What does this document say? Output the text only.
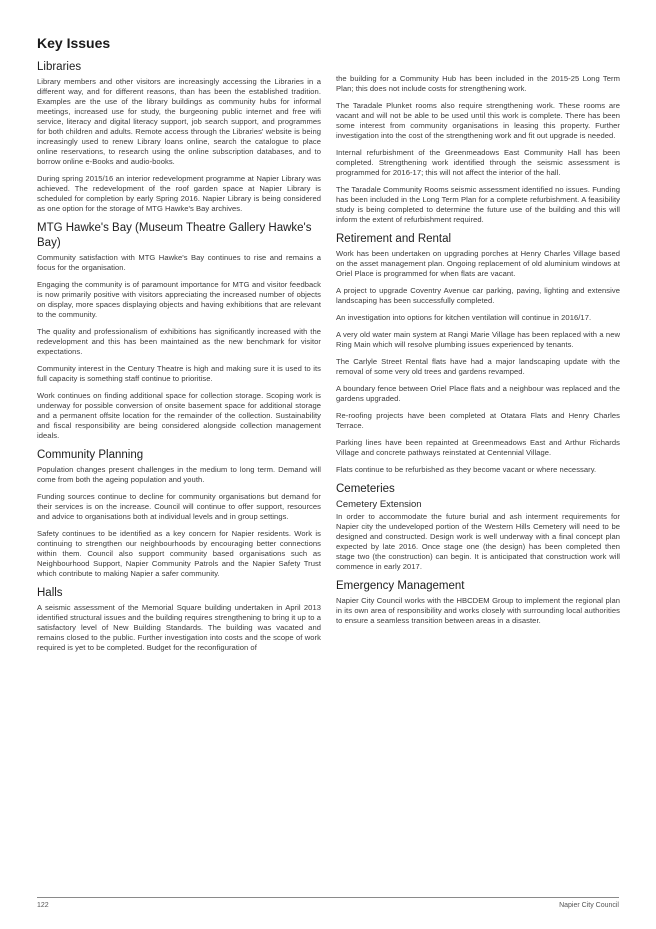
Key Issues
Libraries

Library members and other visitors are increasingly accessing the Libraries in a different way, and for different reasons, than has been the established tradition. Examples are the use of the library buildings as community hubs for informal meetings, increased use for study, the burgeoning public internet and free wifi service, literacy and digital literacy support, job search support, and programmes for both children and adults. Remote access through the Libraries' website is being increasingly used to renew Library loans online, search the catalogue to place online reservations, to research using the online subscription databases, and to borrow online e-Books and audio-books.

During spring 2015/16 an interior redevelopment programme at Napier Library was achieved. The redevelopment of the roof garden space at Napier Library is scheduled for completion by early Spring 2016. Napier Library is being considered as one option for the storage of MTG Hawke's Bay archives.

MTG Hawke's Bay (Museum Theatre Gallery Hawke's Bay)

Community satisfaction with MTG Hawke's Bay continues to rise and remains a focus for the organisation.

Engaging the community is of paramount importance for MTG and visitor feedback is now primarily positive with visitors appreciating the increased number of objects on display, more spaces displaying objects and having exhibitions that are relevant to the community.

The quality and professionalism of exhibitions has significantly increased with the redevelopment and this has been maintained as the new benchmark for visitor expectations.

Community interest in the Century Theatre is high and making sure it is used to its full capacity is something staff continue to prioritise.

Work continues on finding additional space for collection storage. Scoping work is underway for possible conversion of onsite basement space for additional storage and a permanent offsite location for the remainder of the collection. Sustainability and fiscal responsibility are being considered alongside collection management ideals.

Community Planning

Population changes present challenges in the medium to long term. Demand will come from both the ageing population and youth.

Funding sources continue to decline for community organisations but demand for their services is on the increase. Council will continue to offer support, resources and advice to organisations both at individual levels and in group settings.

Safety continues to be identified as a key concern for Napier residents. Work is continuing to strengthen our neighbourhoods by encouraging better connections within them. Council also support community based organisations such as Neighbourhood Support, Napier Community Patrols and the Napier Safety Trust which contribute to making Napier a safer community.

Halls

A seismic assessment of the Memorial Square building undertaken in April 2013 identified structural issues and the building requires strengthening to bring it up to a satisfactory level of New Building Standards. The building was vacated and remains closed to the public. Further investigation into costs and the scope of work required is yet to be completed. Budget for the reconfiguration of

the building for a Community Hub has been included in the 2015-25 Long Term Plan; this does not include costs for strengthening work.

The Taradale Plunket rooms also require strengthening work. These rooms are vacant and will not be able to be used until this work is complete. There has been some interest from community organisations in leasing this property. Further investigation into the cost of the strengthening work and fit out upgrade is needed.

Internal refurbishment of the Greenmeadows East Community Hall has been completed. Strengthening work identified through the seismic assessment is programmed for 2016-17; this will not affect the interior of the hall.

The Taradale Community Rooms seismic assessment identified no issues. Funding has been included in the Long Term Plan for a complete refurbishment. A feasibility study is being completed to determine the future use of the building and this will inform the extent of refurbishment required.

Retirement and Rental

Work has been undertaken on upgrading porches at Henry Charles Village based on the asset management plan. Ongoing replacement of old aluminium windows at Oriel Place is programmed for when flats are vacant.

A project to upgrade Coventry Avenue car parking, paving, lighting and extensive landscaping has been successfully completed.

An investigation into options for kitchen ventilation will continue in 2016/17.

A very old water main system at Rangi Marie Village has been replaced with a new Ring Main which will resolve plumbing issues experienced by tenants.

The Carlyle Street Rental flats have had a major landscaping update with the removal of some very old trees and gardens revamped.

A boundary fence between Oriel Place flats and a neighbour was replaced and the gardens upgraded.

Re-roofing projects have been completed at Otatara Flats and Henry Charles Terrace.

Parking lines have been repainted at Greenmeadows East and Arthur Richards Village and concrete pathways reinstated at Centennial Village.

Flats continue to be refurbished as they become vacant or where necessary.

Cemeteries
Cemetery Extension

In order to accommodate the future burial and ash interment requirements for Napier city the undeveloped portion of the Western Hills Cemetery will need to be designed and constructed. Design work is well underway with a final concept plan expected by late 2016. Once stage one (the design) has been completed then stage two (the construction) can begin. It is anticipated that construction work will commence in early 2017.

Emergency Management

Napier City Council works with the HBCDEM Group to implement the regional plan in its own area of responsibility and works closely with surrounding local authorities to ensure a seamless transition between areas in a disaster.

122	Napier City Council
